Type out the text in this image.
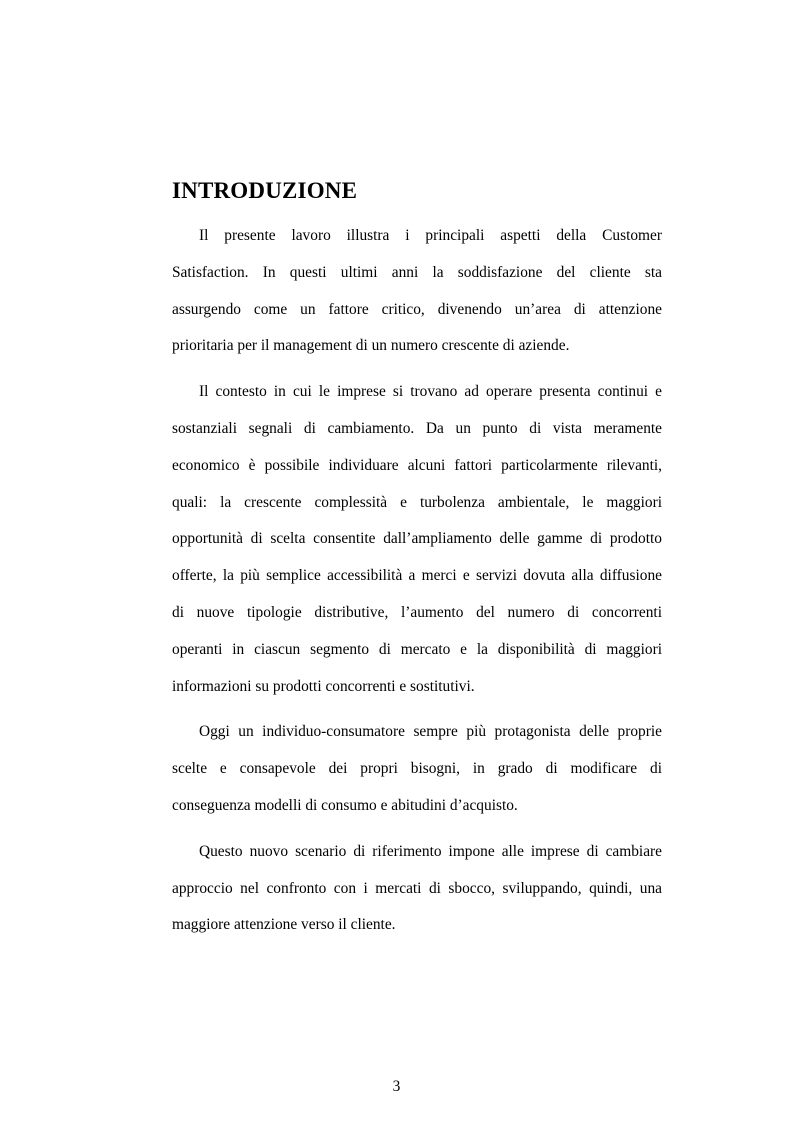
INTRODUZIONE

Il presente lavoro illustra i principali aspetti della Customer
Satisfaction. In questi ultimi anni la soddisfazione del cliente sta
assurgendo come un fattore critico, divenendo un’area di attenzione
prioritaria per il management di un numero crescente di aziende.

Il contesto in cui le imprese si trovano ad operare presenta continui e
sostanziali segnali di cambiamento. Da un punto di vista meramente
economico è possibile individuare alcuni fattori particolarmente rilevanti,
quali: la crescente complessità e turbolenza ambientale, le maggiori
opportunità di scelta consentite dall’ampliamento delle gamme di prodotto
offerte, la più semplice accessibilità a merci e servizi dovuta alla diffusione
di nuove tipologie distributive, l’aumento del numero di concorrenti
operanti in ciascun segmento di mercato e la disponibilità di maggiori
informazioni su prodotti concorrenti e sostitutivi.

Oggi un individuo-consumatore sempre più protagonista delle proprie
scelte e consapevole dei propri bisogni, in grado di modificare di
conseguenza modelli di consumo e abitudini d’acquisto.

Questo nuovo scenario di riferimento impone alle imprese di cambiare
approccio nel confronto con i mercati di sbocco, sviluppando, quindi, una
maggiore attenzione verso il cliente.

3
